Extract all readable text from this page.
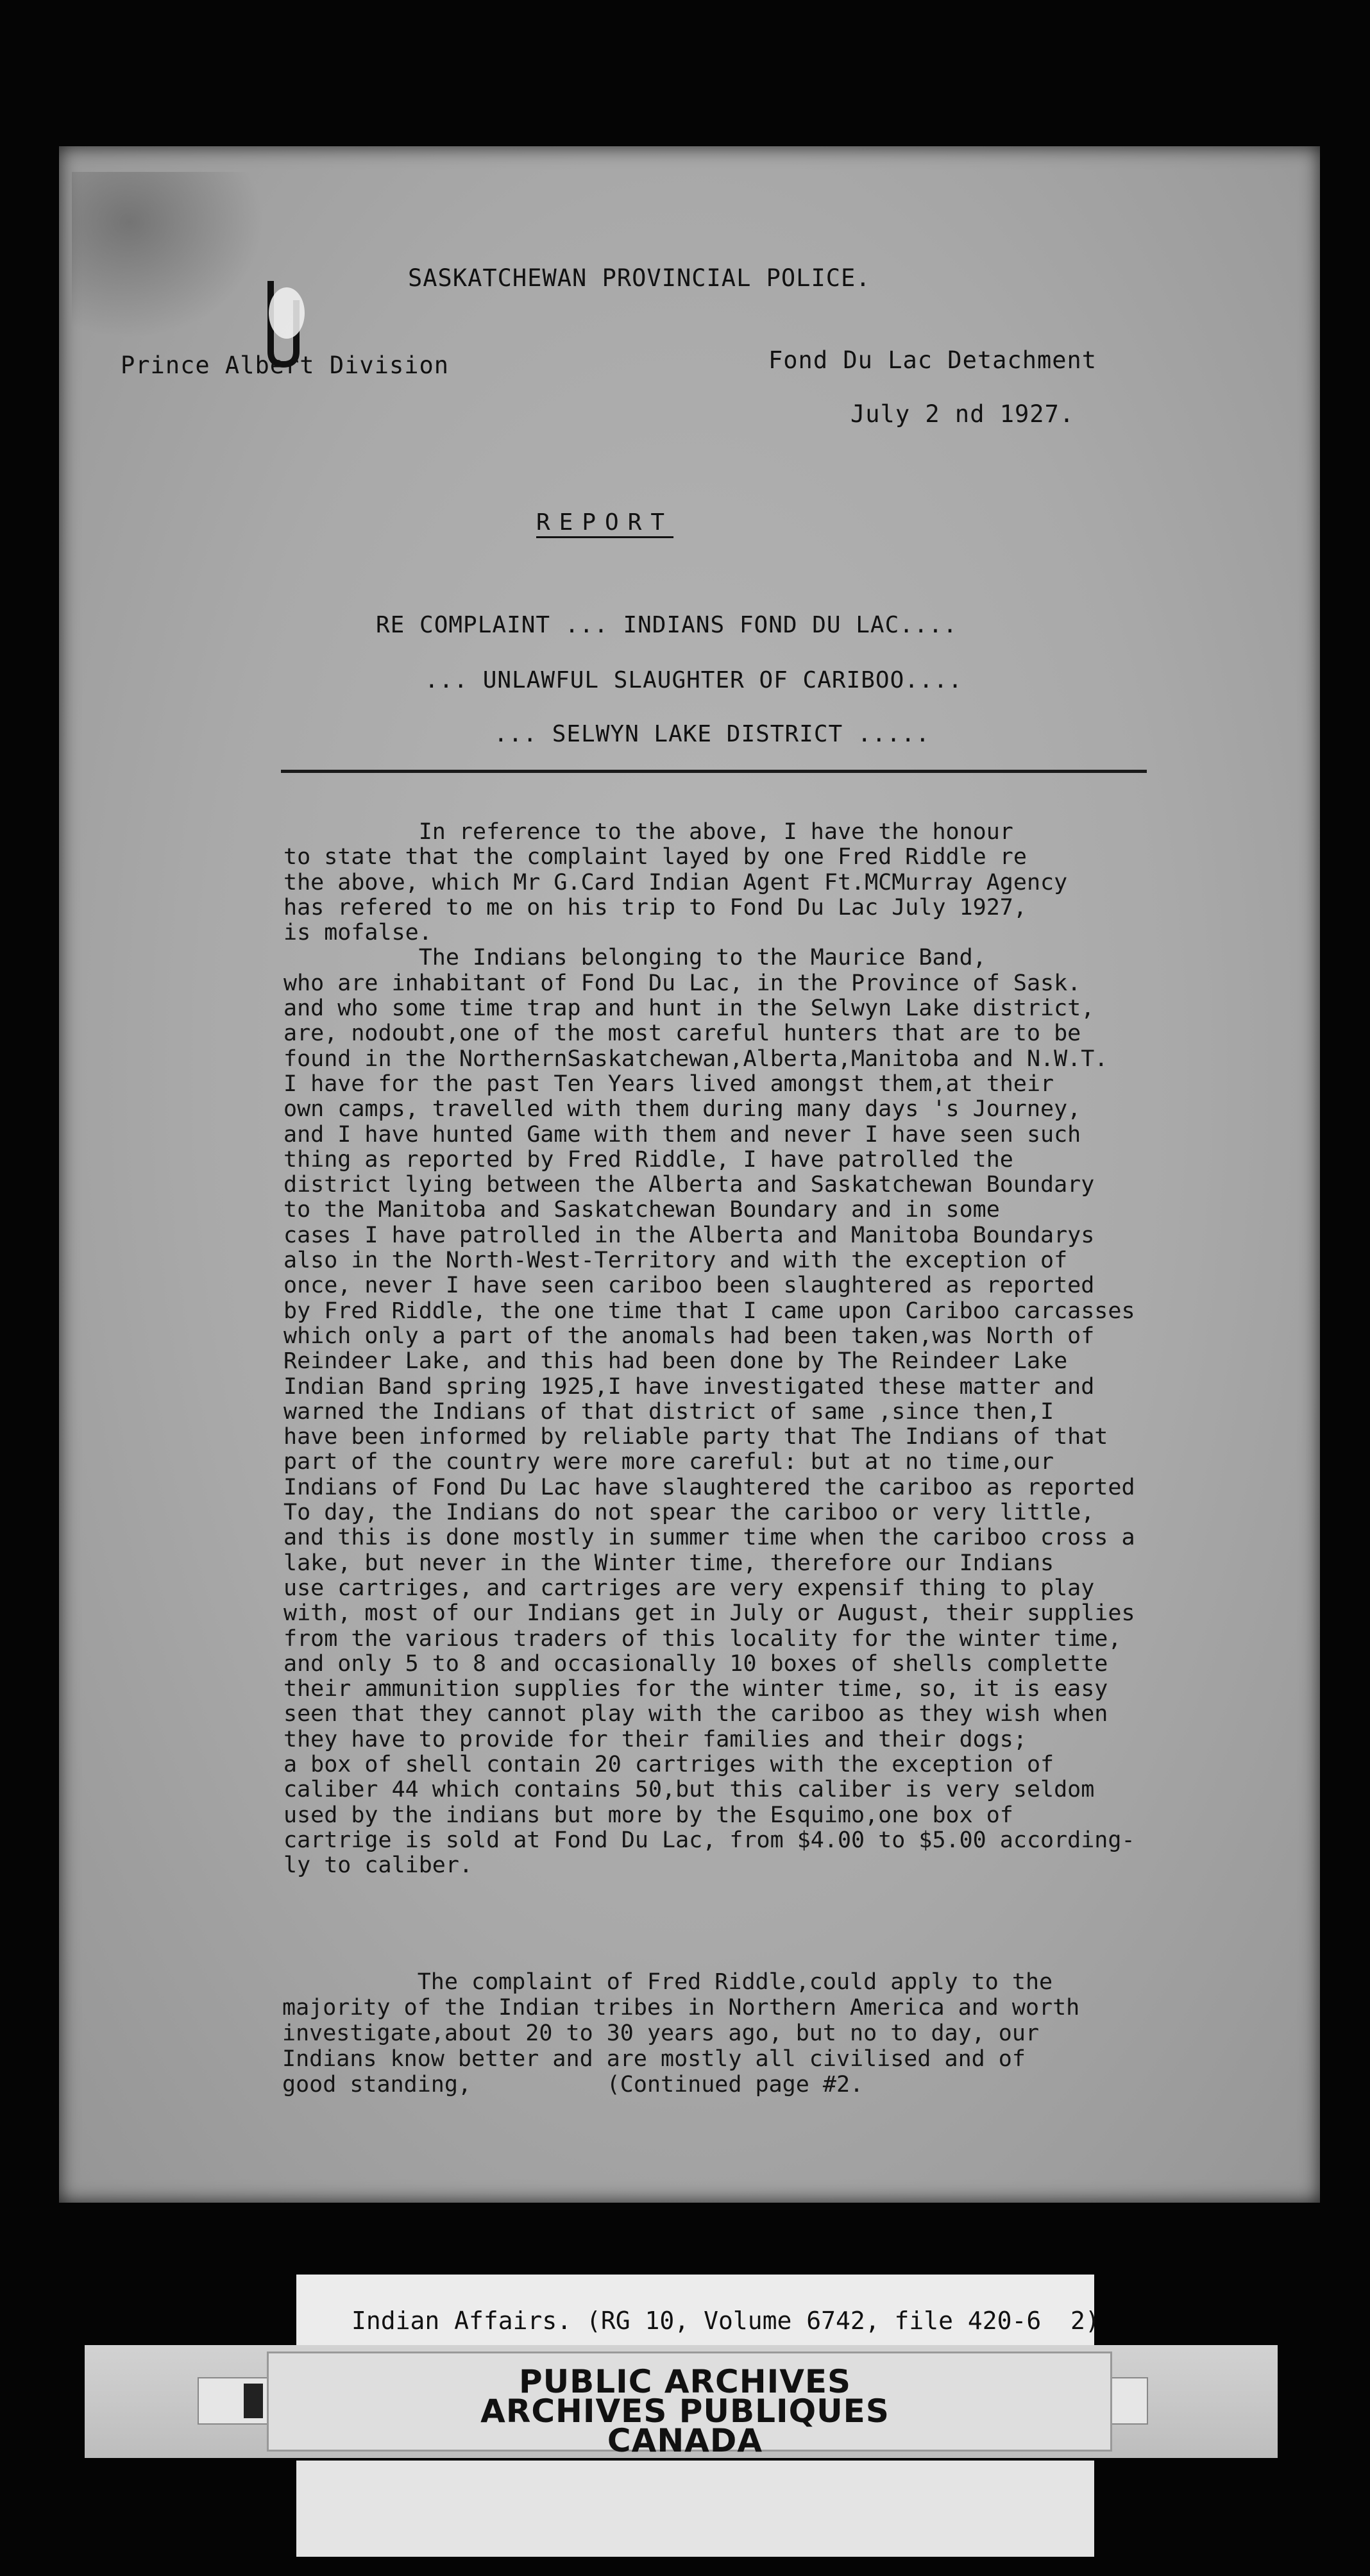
SASKATCHEWAN PROVINCIAL POLICE.
Prince Albert Division	Fond Du Lac Detachment
July 2 nd 1927.
REPORT
RE COMPLAINT ... INDIANS FOND DU LAC....
... UNLAWFUL SLAUGHTER OF CARIBOO....
... SELWYN LAKE DISTRICT .....
In reference to the above, I have the honour
to state that the complaint layed by one Fred Riddle re
the above, which Mr G.Card Indian Agent Ft.MCMurray Agency
has refered to me on his trip to Fond Du Lac July 1927,
is mofalse.
The Indians belonging to the Maurice Band,
who are inhabitant of Fond Du Lac, in the Province of Sask.
and who some time trap and hunt in the Selwyn Lake district,
are, nodoubt,one of the most careful hunters that are to be
found in the NorthernSaskatchewan,Alberta,Manitoba and N.W.T.
I have for the past Ten Years lived amongst them,at their
own camps, travelled with them during many days 's Journey,
and I have hunted Game with them and never I have seen such
thing as reported by Fred Riddle, I have patrolled the
district lying between the Alberta and Saskatchewan Boundary
to the Manitoba and Saskatchewan Boundary and in some
cases I have patrolled in the Alberta and Manitoba Boundarys
also in the North-West-Territory and with the exception of
once, never I have seen cariboo been slaughtered as reported
by Fred Riddle, the one time that I came upon Cariboo carcasses
which only a part of the anomals had been taken,was North of
Reindeer Lake, and this had been done by The Reindeer Lake
Indian Band spring 1925,I have investigated these matter and
warned the Indians of that district of same ,since then,I
have been informed by reliable party that The Indians of that
part of the country were more careful: but at no time,our
Indians of Fond Du Lac have slaughtered the cariboo as reported
To day, the Indians do not spear the cariboo or very little,
and this is done mostly in summer time when the cariboo cross a
lake, but never in the Winter time, therefore our Indians
use cartriges, and cartriges are very expensif thing to play
with, most of our Indians get in July or August, their supplies
from the various traders of this locality for the winter time,
and only 5 to 8 and occasionally 10 boxes of shells complette
their ammunition supplies for the winter time, so, it is easy
seen that they cannot play with the cariboo as they wish when
they have to provide for their families and their dogs;
a box of shell contain 20 cartriges with the exception of
caliber 44 which contains 50,but this caliber is very seldom
used by the indians but more by the Esquimo,one box of
cartrige is sold at Fond Du Lac, from $4.00 to $5.00 according-
ly to caliber.
The complaint of Fred Riddle,could apply to the
majority of the Indian tribes in Northern America and worth
investigate,about 20 to 30 years ago, but no to day, our
Indians know better and are mostly all civilised and of
good standing,          (Continued page #2.
Indian Affairs. (RG 10, Volume 6742, file 420-6  2)
PUBLIC ARCHIVES
ARCHIVES PUBLIQUES
CANADA
